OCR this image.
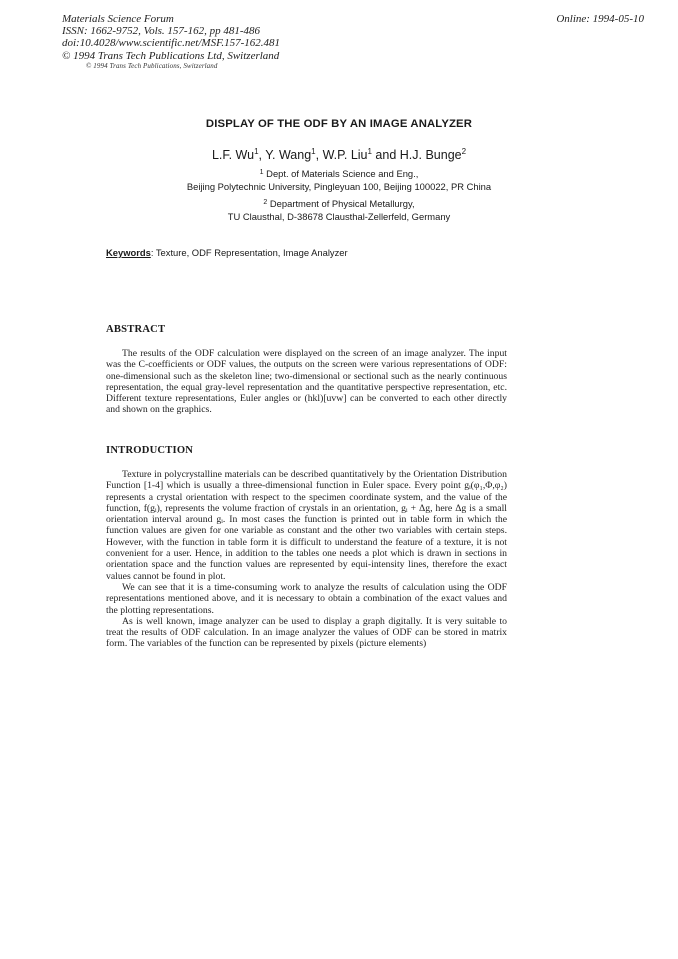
Materials Science Forum
ISSN: 1662-9752, Vols. 157-162, pp 481-486
doi:10.4028/www.scientific.net/MSF.157-162.481
© 1994 Trans Tech Publications Ltd, Switzerland
© 1994 Trans Tech Publications, Switzerland
Online: 1994-05-10
DISPLAY OF THE ODF BY AN IMAGE ANALYZER
L.F. Wu$^1$, Y. Wang$^1$, W.P. Liu$^1$ and H.J. Bunge$^2$
$^1$ Dept. of Materials Science and Eng.,
Beijing Polytechnic University, Pingleyuan 100, Beijing 100022, PR China
$^2$ Department of Physical Metallurgy,
TU Clausthal, D-38678 Clausthal-Zellerfeld, Germany
Keywords: Texture, ODF Representation, Image Analyzer
ABSTRACT

The results of the ODF calculation were displayed on the screen of an image analyzer. The input was the C-coefficients or ODF values, the outputs on the screen were various representations of ODF: one-dimensional such as the skeleton line; two-dimensional or sectional such as the nearly continuous representation, the equal gray-level representation and the quantitative perspective representation, etc. Different texture representations, Euler angles or (hkl)[uvw] can be converted to each other directly and shown on the graphics.

INTRODUCTION

Texture in polycrystalline materials can be described quantitatively by the Orientation Distribution Function [1-4] which is usually a three-dimensional function in Euler space. Every point gᵢ(φ₁,Φ,φ₂) represents a crystal orientation with respect to the specimen coordinate system, and the value of the function, f(gᵢ), represents the volume fraction of crystals in an orientation, gᵢ + Δg, here Δg is a small orientation interval around gᵢ. In most cases the function is printed out in table form in which the function values are given for one variable as constant and the other two variables with certain steps. However, with the function in table form it is difficult to understand the feature of a texture, it is not convenient for a user. Hence, in addition to the tables one needs a plot which is drawn in sections in orientation space and the function values are represented by equi-intensity lines, therefore the exact values cannot be found in plot.

We can see that it is a time-consuming work to analyze the results of calculation using the ODF representations mentioned above, and it is necessary to obtain a combination of the exact values and the plotting representations.

As is well known, image analyzer can be used to display a graph digitally. It is very suitable to treat the results of ODF calculation. In an image analyzer the values of ODF can be stored in matrix form. The variables of the function can be represented by pixels (picture elements)
